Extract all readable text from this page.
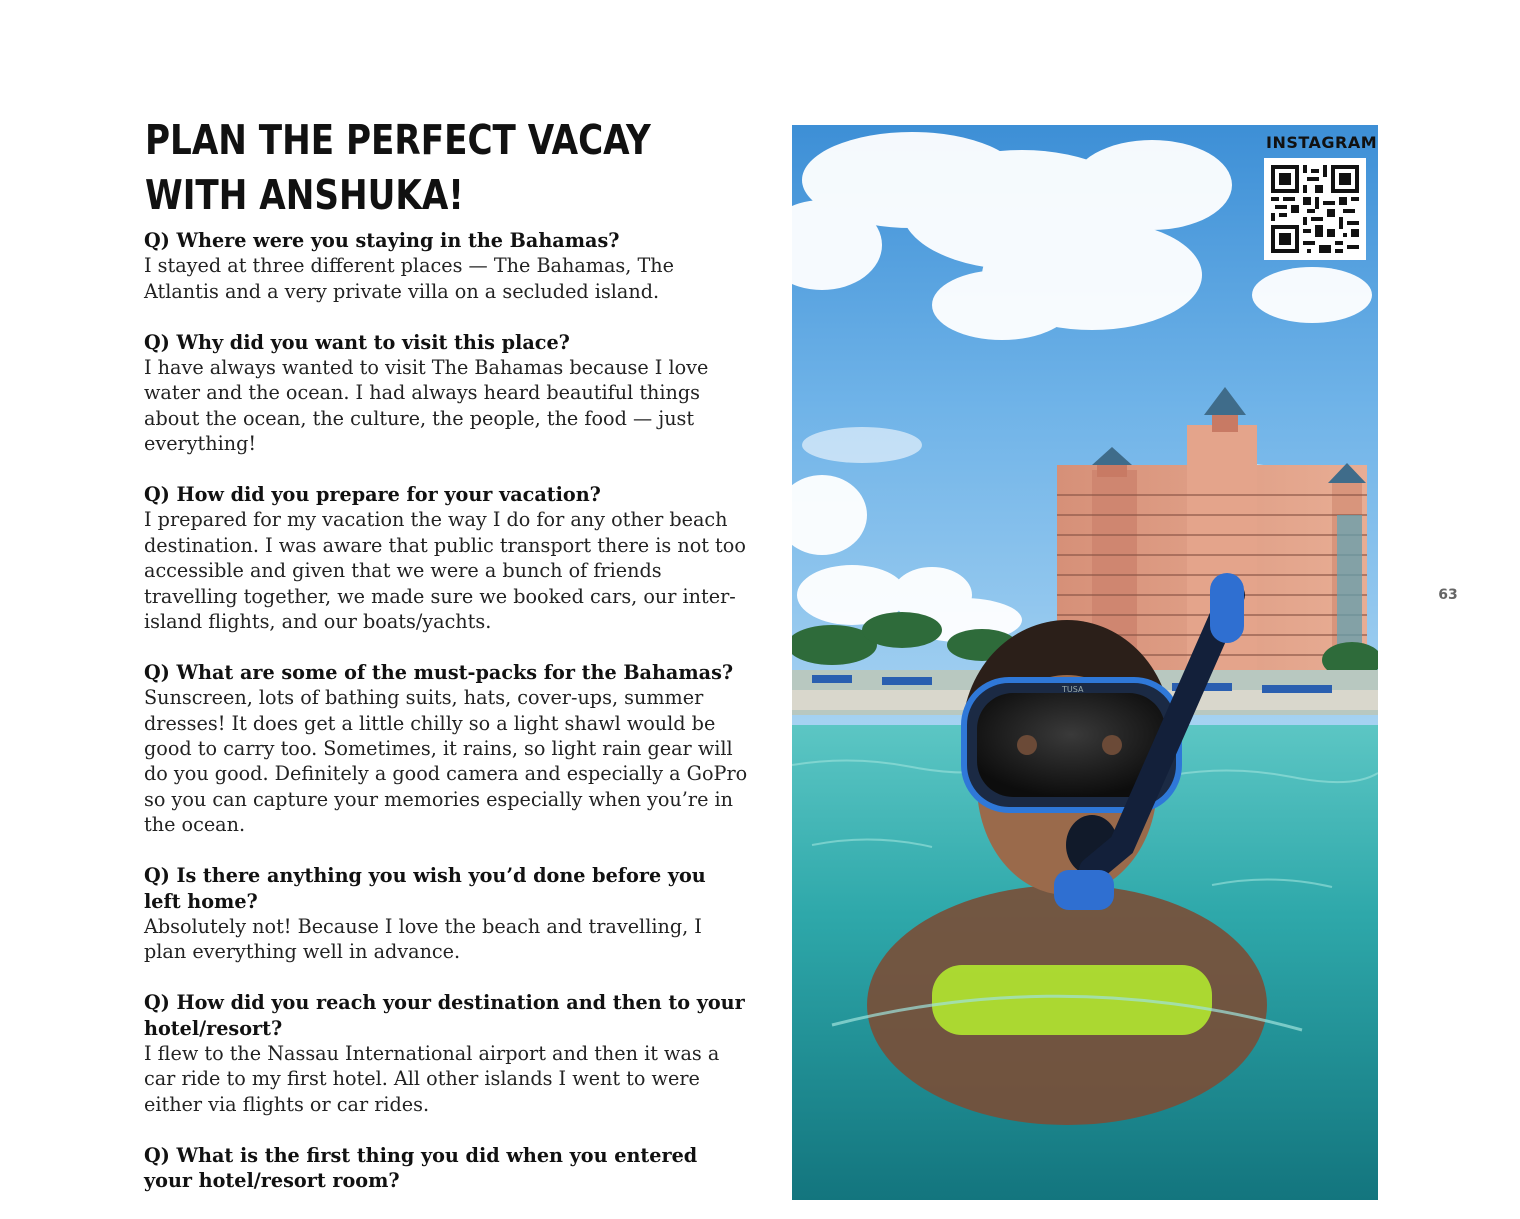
PLAN THE PERFECT VACAY
WITH ANSHUKA!
Q) Where were you staying in the Bahamas?
I stayed at three different places — The Bahamas, The Atlantis and a very private villa on a secluded island.
Q) Why did you want to visit this place?
I have always wanted to visit The Bahamas because I love water and the ocean. I had always heard beautiful things about the ocean, the culture, the people, the food — just everything!
Q) How did you prepare for your vacation?
I prepared for my vacation the way I do for any other beach destination. I was aware that public transport there is not too accessible and given that we were a bunch of friends travelling together, we made sure we booked cars, our inter-island flights, and our boats/yachts.
Q) What are some of the must-packs for the Bahamas?
Sunscreen, lots of bathing suits, hats, cover-ups, summer dresses! It does get a little chilly so a light shawl would be good to carry too. Sometimes, it rains, so light rain gear will do you good. Definitely a good camera and especially a GoPro so you can capture your memories especially when you’re in the ocean.
Q) Is there anything you wish you’d done before you left home?
Absolutely not! Because I love the beach and travelling, I plan everything well in advance.
Q) How did you reach your destination and then to your hotel/resort?
I flew to the Nassau International airport and then it was a car ride to my first hotel. All other islands I went to were either via flights or car rides.
Q) What is the first thing you did when you entered your hotel/resort room?
TUSA
INSTAGRAM
63
